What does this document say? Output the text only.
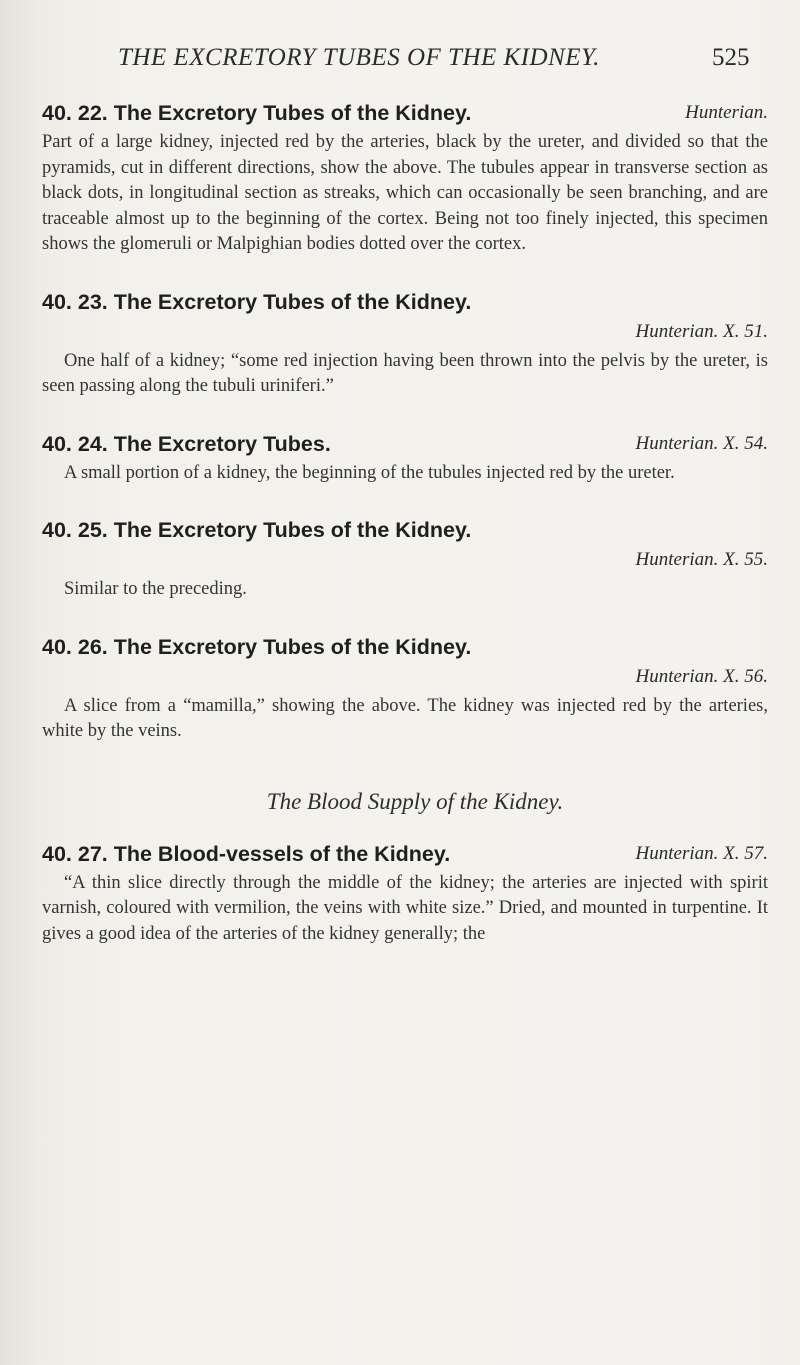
THE EXCRETORY TUBES OF THE KIDNEY.	525
40. 22. The Excretory Tubes of the Kidney.	Hunterian.
Part of a large kidney, injected red by the arteries, black by the ureter, and divided so that the pyramids, cut in different directions, show the above. The tubules appear in transverse section as black dots, in longitudinal section as streaks, which can occasionally be seen branching, and are traceable almost up to the beginning of the cortex. Being not too finely injected, this specimen shows the glomeruli or Malpighian bodies dotted over the cortex.
40. 23. The Excretory Tubes of the Kidney.
Hunterian. X. 51.
One half of a kidney; “some red injection having been thrown into the pelvis by the ureter, is seen passing along the tubuli uriniferi.”
40. 24. The Excretory Tubes.	Hunterian. X. 54.
A small portion of a kidney, the beginning of the tubules injected red by the ureter.
40. 25. The Excretory Tubes of the Kidney.
Hunterian. X. 55.
Similar to the preceding.
40. 26. The Excretory Tubes of the Kidney.
Hunterian. X. 56.
A slice from a “mamilla,” showing the above. The kidney was injected red by the arteries, white by the veins.
The Blood Supply of the Kidney.
40. 27. The Blood-vessels of the Kidney.	Hunterian. X. 57.
“A thin slice directly through the middle of the kidney; the arteries are injected with spirit varnish, coloured with vermilion, the veins with white size.” Dried, and mounted in turpentine. It gives a good idea of the arteries of the kidney generally; the
